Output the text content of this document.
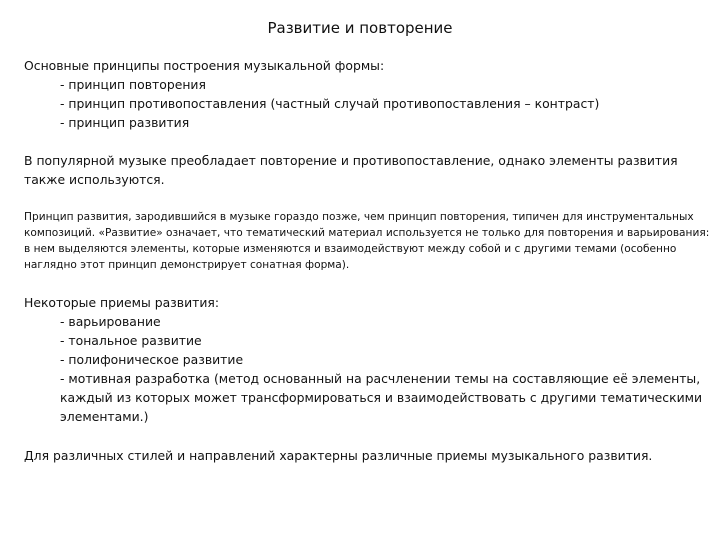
Развитие и повторение
Основные принципы построения музыкальной формы:
- принцип повторения
- принцип противопоставления (частный случай противопоставления – контраст)
- принцип развития
В популярной музыке преобладает повторение и противопоставление, однако элементы развития также используются.
Принцип развития, зародившийся в музыке гораздо позже, чем принцип повторения, типичен для инструментальных композиций. «Развитие» означает, что тематический материал используется не только для повторения и варьирования: в нем выделяются элементы, которые изменяются и взаимодействуют между собой и с другими темами (особенно наглядно этот принцип демонстрирует сонатная форма).
Некоторые приемы развития:
- варьирование
- тональное развитие
- полифоническое развитие
- мотивная разработка (метод основанный на расчленении темы на составляющие её элементы, каждый из которых может трансформироваться и взаимодействовать с другими тематическими элементами.)
Для различных стилей и направлений характерны различные приемы музыкального развития.
